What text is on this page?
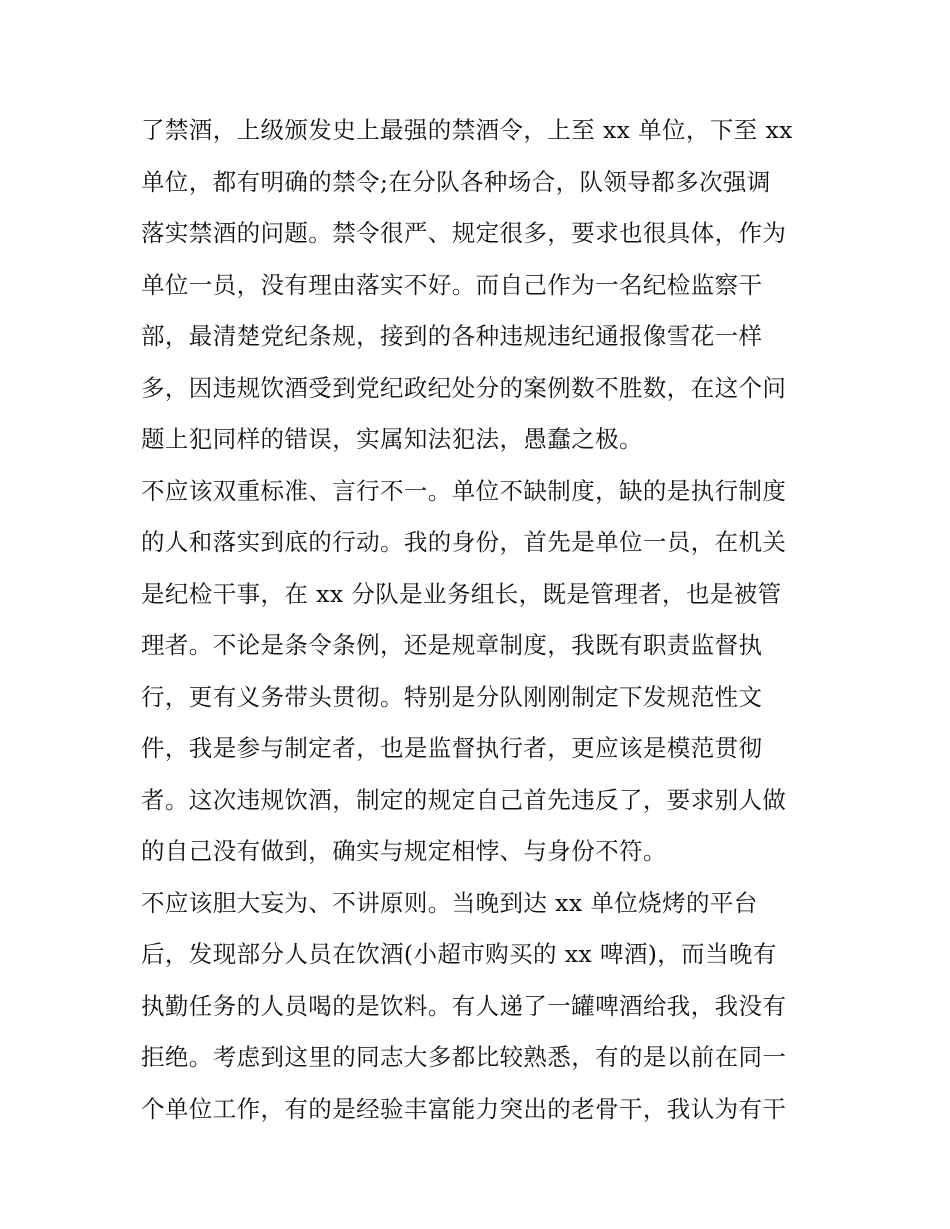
了禁酒，上级颁发史上最强的禁酒令，上至 xx 单位，下至 xx
单位，都有明确的禁令;在分队各种场合，队领导都多次强调
落实禁酒的问题。禁令很严、规定很多，要求也很具体，作为
单位一员，没有理由落实不好。而自己作为一名纪检监察干
部，最清楚党纪条规，接到的各种违规违纪通报像雪花一样
多，因违规饮酒受到党纪政纪处分的案例数不胜数，在这个问
题上犯同样的错误，实属知法犯法，愚蠢之极。
不应该双重标准、言行不一。单位不缺制度，缺的是执行制度
的人和落实到底的行动。我的身份，首先是单位一员，在机关
是纪检干事，在 xx 分队是业务组长，既是管理者，也是被管
理者。不论是条令条例，还是规章制度，我既有职责监督执
行，更有义务带头贯彻。特别是分队刚刚制定下发规范性文
件，我是参与制定者，也是监督执行者，更应该是模范贯彻
者。这次违规饮酒，制定的规定自己首先违反了，要求别人做
的自己没有做到，确实与规定相悖、与身份不符。
不应该胆大妄为、不讲原则。当晚到达 xx 单位烧烤的平台
后，发现部分人员在饮酒(小超市购买的 xx 啤酒)，而当晚有
执勤任务的人员喝的是饮料。有人递了一罐啤酒给我，我没有
拒绝。考虑到这里的同志大多都比较熟悉，有的是以前在同一
个单位工作，有的是经验丰富能力突出的老骨干，我认为有干
